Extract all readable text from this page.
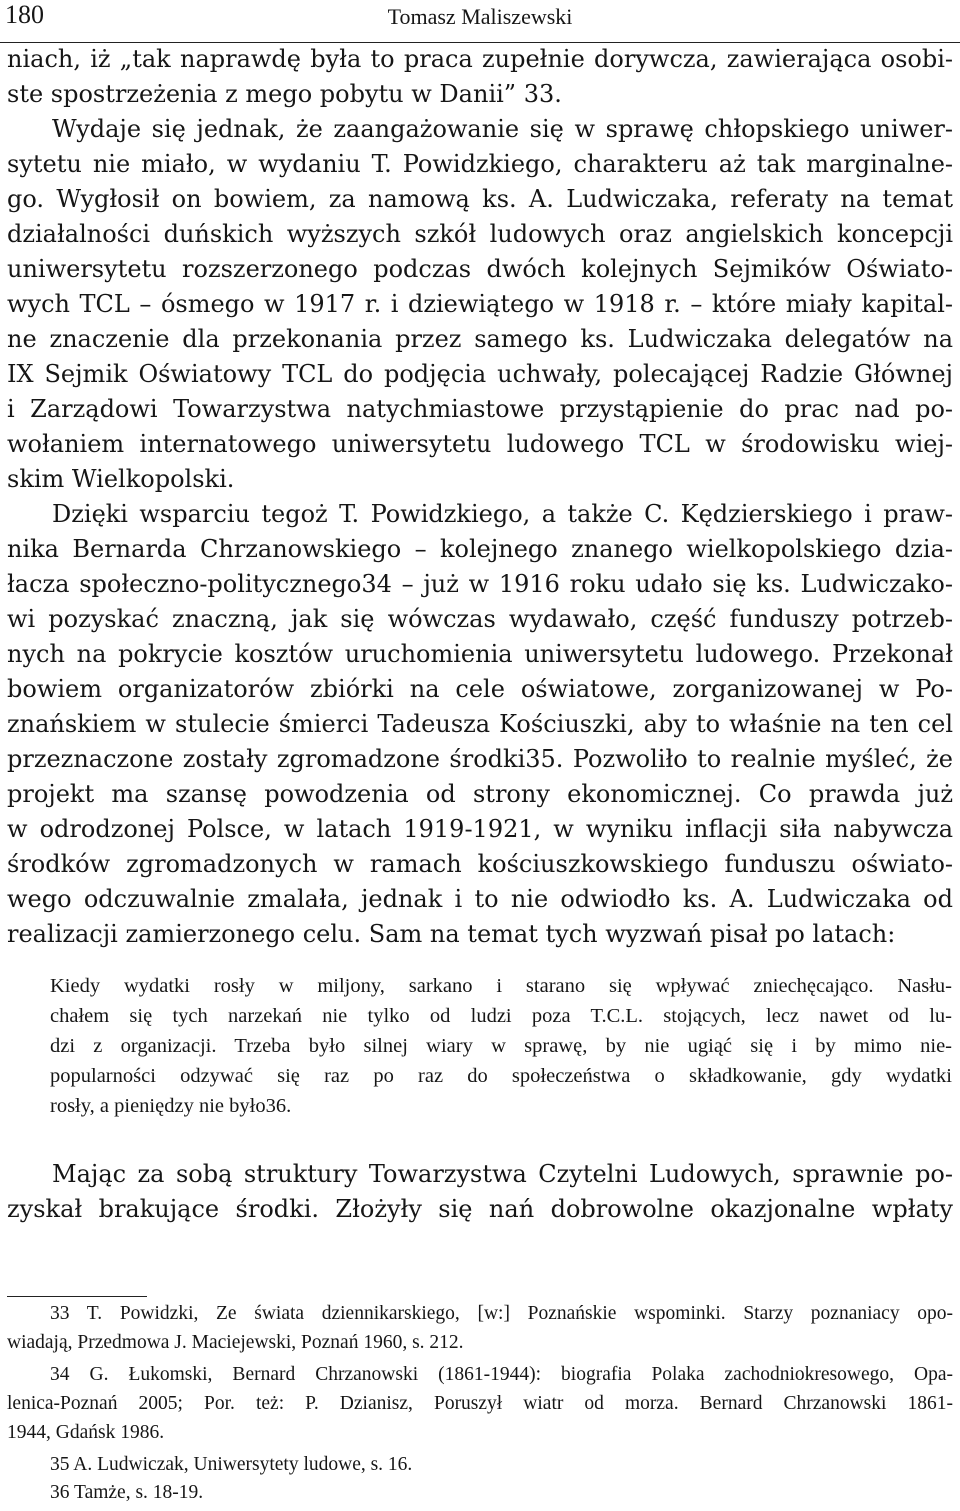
180	Tomasz Maliszewski
niach, iż „tak naprawdę była to praca zupełnie dorywcza, zawierająca osobi-
ste spostrzeżenia z mego pobytu w Danii” 33.
Wydaje się jednak, że zaangażowanie się w sprawę chłopskiego uniwer-
sytetu nie miało, w wydaniu T. Powidzkiego, charakteru aż tak marginalne-
go. Wygłosił on bowiem, za namową ks. A. Ludwiczaka, referaty na temat
działalności duńskich wyższych szkół ludowych oraz angielskich koncepcji
uniwersytetu rozszerzonego podczas dwóch kolejnych Sejmików Oświato-
wych TCL – ósmego w 1917 r. i dziewiątego w 1918 r. – które miały kapital-
ne znaczenie dla przekonania przez samego ks. Ludwiczaka delegatów na
IX Sejmik Oświatowy TCL do podjęcia uchwały, polecającej Radzie Głównej
i Zarządowi Towarzystwa natychmiastowe przystąpienie do prac nad po-
wołaniem internatowego uniwersytetu ludowego TCL w środowisku wiej-
skim Wielkopolski.
Dzięki wsparciu tegoż T. Powidzkiego, a także C. Kędzierskiego i praw-
nika Bernarda Chrzanowskiego – kolejnego znanego wielkopolskiego dzia-
łacza społeczno-politycznego34 – już w 1916 roku udało się ks. Ludwiczako-
wi pozyskać znaczną, jak się wówczas wydawało, część funduszy potrzeb-
nych na pokrycie kosztów uruchomienia uniwersytetu ludowego. Przekonał
bowiem organizatorów zbiórki na cele oświatowe, zorganizowanej w Po-
znańskiem w stulecie śmierci Tadeusza Kościuszki, aby to właśnie na ten cel
przeznaczone zostały zgromadzone środki35. Pozwoliło to realnie myśleć, że
projekt ma szansę powodzenia od strony ekonomicznej. Co prawda już
w odrodzonej Polsce, w latach 1919-1921, w wyniku inflacji siła nabywcza
środków zgromadzonych w ramach kościuszkowskiego funduszu oświato-
wego odczuwalnie zmalała, jednak i to nie odwiodło ks. A. Ludwiczaka od
realizacji zamierzonego celu. Sam na temat tych wyzwań pisał po latach:
Kiedy wydatki rosły w miljony, sarkano i starano się wpływać zniechęcająco. Nasłu-
chałem się tych narzekań nie tylko od ludzi poza T.C.L. stojących, lecz nawet od lu-
dzi z organizacji. Trzeba było silnej wiary w sprawę, by nie ugiąć się i by mimo nie-
popularności odzywać się raz po raz do społeczeństwa o składkowanie, gdy wydatki
rosły, a pieniędzy nie było36.
Mając za sobą struktury Towarzystwa Czytelni Ludowych, sprawnie po-
zyskał brakujące środki. Złożyły się nań dobrowolne okazjonalne wpłaty
33 T. Powidzki, Ze świata dziennikarskiego, [w:] Poznańskie wspominki. Starzy poznaniacy opo-
wiadają, Przedmowa J. Maciejewski, Poznań 1960, s. 212.
34 G. Łukomski, Bernard Chrzanowski (1861-1944): biografia Polaka zachodniokresowego, Opa-
lenica-Poznań 2005; Por. też: P. Dzianisz, Poruszył wiatr od morza. Bernard Chrzanowski 1861-
1944, Gdańsk 1986.
35 A. Ludwiczak, Uniwersytety ludowe, s. 16.
36 Tamże, s. 18-19.
